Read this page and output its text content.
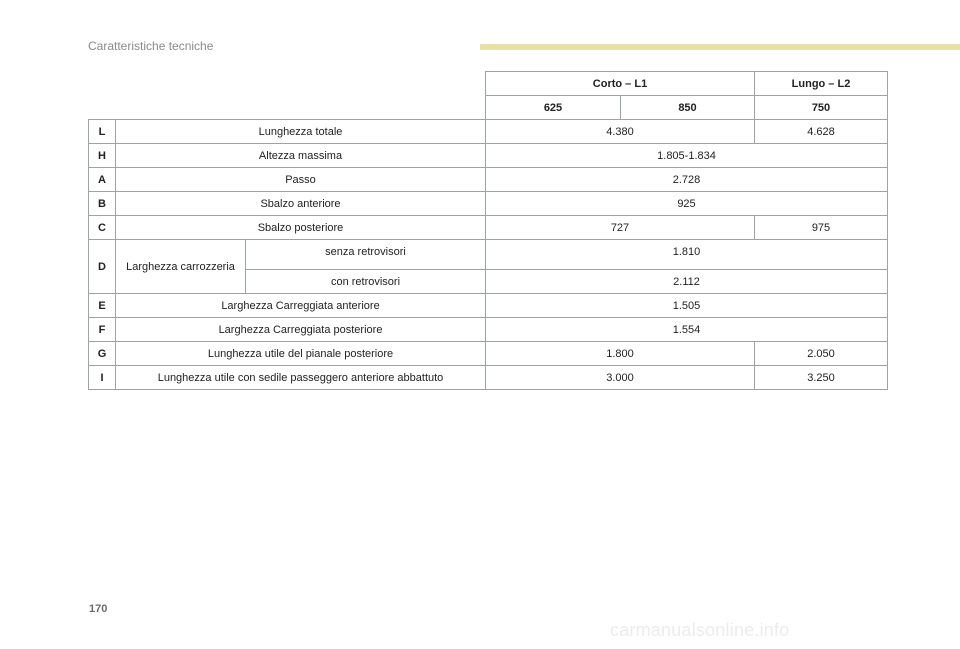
Caratteristiche tecniche
			Corto – L1		Lungo – L2
			625	850	750
L	Lunghezza totale		4.380		4.628
H	Altezza massima		1.805-1.834		
A	Passo		2.728		
B	Sbalzo anteriore		925		
C	Sbalzo posteriore		727		975
D	Larghezza carrozzeria	senza retrovisori	1.810		
		con retrovisori	2.112		
E	Larghezza Carreggiata anteriore		1.505		
F	Larghezza Carreggiata posteriore		1.554		
G	Lunghezza utile del pianale posteriore		1.800		2.050
I	Lunghezza utile con sedile passeggero anteriore abbattuto		3.000		3.250
170
carmanualsonline.info
